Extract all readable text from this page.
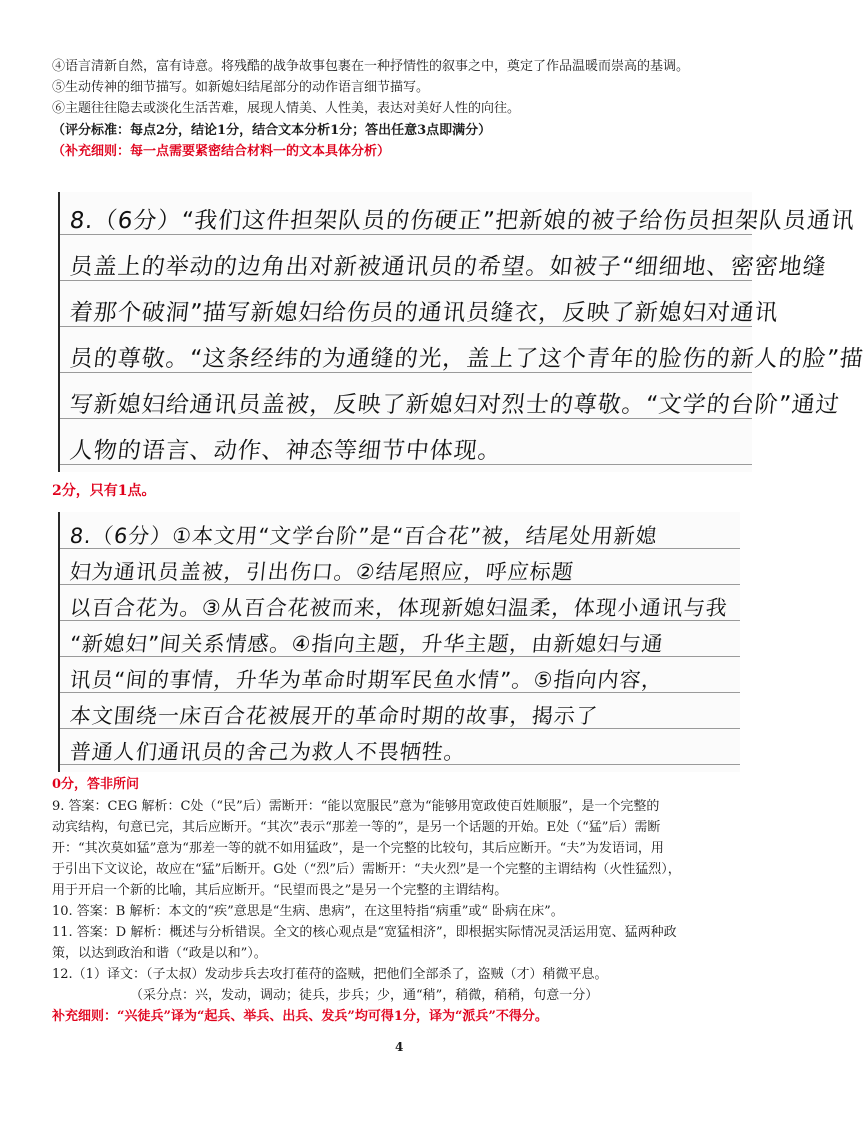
④语言清新自然，富有诗意。将残酷的战争故事包裹在一种抒情性的叙事之中，奠定了作品温暖而崇高的基调。
⑤生动传神的细节描写。如新媳妇结尾部分的动作语言细节描写。
⑥主题往往隐去或淡化生活苦难，展现人情美、人性美，表达对美好人性的向往。
（评分标准：每点2分，结论1分，结合文本分析1分；答出任意3点即满分）
（补充细则：每一点需要紧密结合材料一的文本具体分析）
8.（6分）“我们这件担架队员的伤硬正”把新娘的被子给伤员担架队员通讯
员盖上的举动的边角出对新被通讯员的希望。如被子“细细地、密密地缝
着那个破洞”描写新媳妇给伤员的通讯员缝衣，反映了新媳妇对通讯
员的尊敬。“这条经纬的为通缝的光，盖上了这个青年的脸伤的新人的脸”描
写新媳妇给通讯员盖被，反映了新媳妇对烈士的尊敬。“文学的台阶”通过
人物的语言、动作、神态等细节中体现。
2分，只有1点。
8.（6分）①本文用“文学台阶”是“百合花”被，结尾处用新媳
妇为通讯员盖被，引出伤口。②结尾照应，呼应标题
以百合花为。③从百合花被而来，体现新媳妇温柔，体现小通讯与我
“新媳妇”间关系情感。④指向主题，升华主题，由新媳妇与通
讯员“间的事情，升华为革命时期军民鱼水情”。⑤指向内容，
本文围绕一床百合花被展开的革命时期的故事，揭示了
普通人们通讯员的舍己为救人不畏牺牲。
0分，答非所问
9. 答案：CEG 解析：C处（“民”后）需断开：“能以宽服民”意为“能够用宽政使百姓顺服”，是一个完整的
动宾结构，句意已完，其后应断开。“其次”表示“那差一等的”，是另一个话题的开始。E处（“猛”后）需断
开：“其次莫如猛”意为“那差一等的就不如用猛政”，是一个完整的比较句，其后应断开。“夫”为发语词，用
于引出下文议论，故应在“猛”后断开。G处（“烈”后）需断开：“夫火烈”是一个完整的主谓结构（火性猛烈），
用于开启一个新的比喻，其后应断开。“民望而畏之”是另一个完整的主谓结构。
10. 答案：B 解析：本文的“疾”意思是“生病、患病”，在这里特指“病重”或“ 卧病在床”。
11. 答案：D 解析：概述与分析错误。全文的核心观点是“宽猛相济”，即根据实际情况灵活运用宽、猛两种政
策，以达到政治和谐（“政是以和”）。
12.（1）译文：（子太叔）发动步兵去攻打萑苻的盗贼，把他们全部杀了，盗贼（才）稍微平息。
（采分点：兴，发动，调动；徒兵，步兵；少，通“稍”，稍微，稍稍，句意一分）
补充细则：“兴徒兵”译为“起兵、举兵、出兵、发兵”均可得1分，译为“派兵”不得分。
4
